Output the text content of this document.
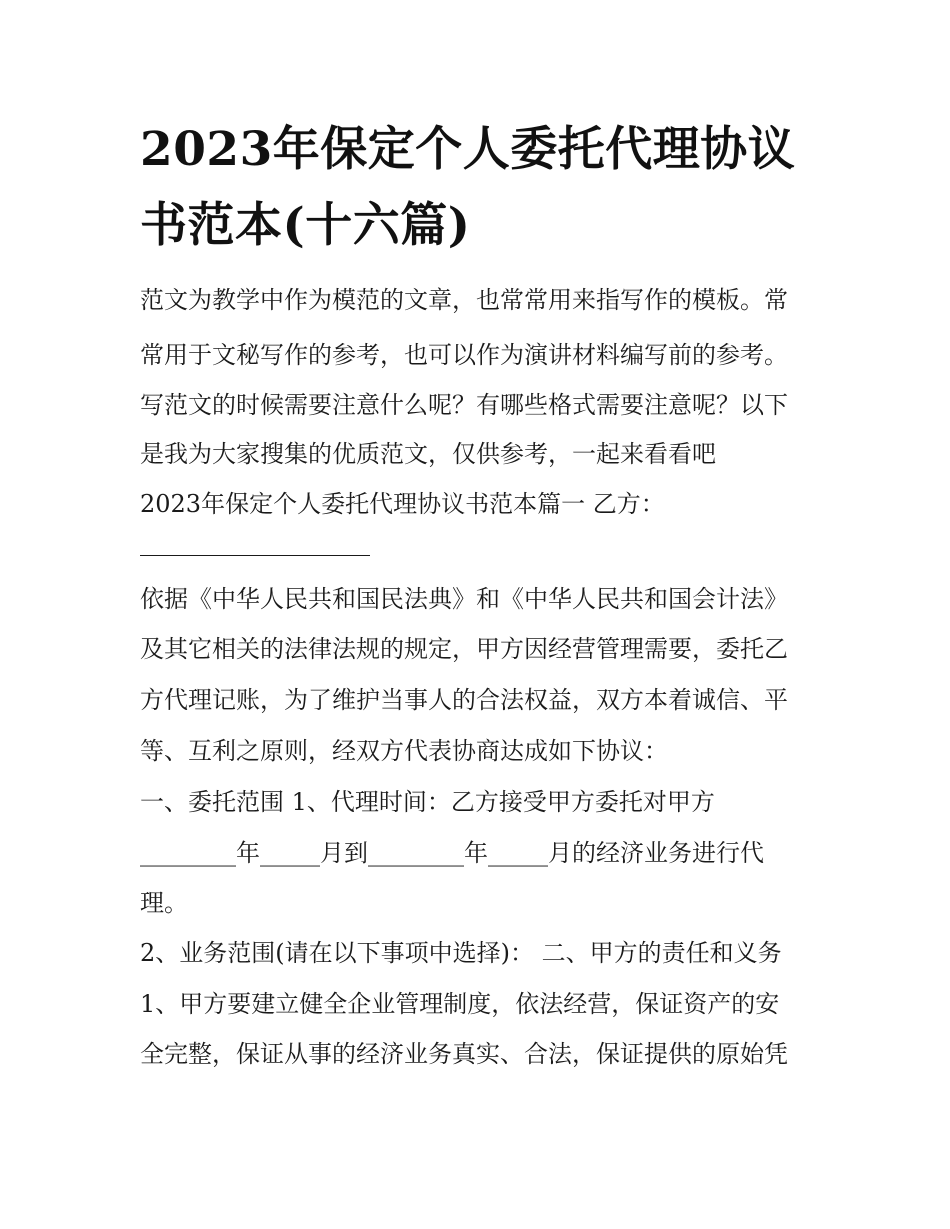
2023年保定个人委托代理协议书范本(十六篇)
范文为教学中作为模范的文章，也常常用来指写作的模板。常
常用于文秘写作的参考，也可以作为演讲材料编写前的参考。
写范文的时候需要注意什么呢？有哪些格式需要注意呢？以下
是我为大家搜集的优质范文，仅供参考，一起来看看吧
2023年保定个人委托代理协议书范本篇一 乙方：
依据《中华人民共和国民法典》和《中华人民共和国会计法》
及其它相关的法律法规的规定，甲方因经营管理需要，委托乙
方代理记账，为了维护当事人的合法权益，双方本着诚信、平
等、互利之原则，经双方代表协商达成如下协议：
一、委托范围 1、代理时间：乙方接受甲方委托对甲方
________年_____月到________年_____月的经济业务进行代
理。
2、业务范围(请在以下事项中选择)： 二、甲方的责任和义务
1、甲方要建立健全企业管理制度，依法经营，保证资产的安
全完整，保证从事的经济业务真实、合法，保证提供的原始凭
